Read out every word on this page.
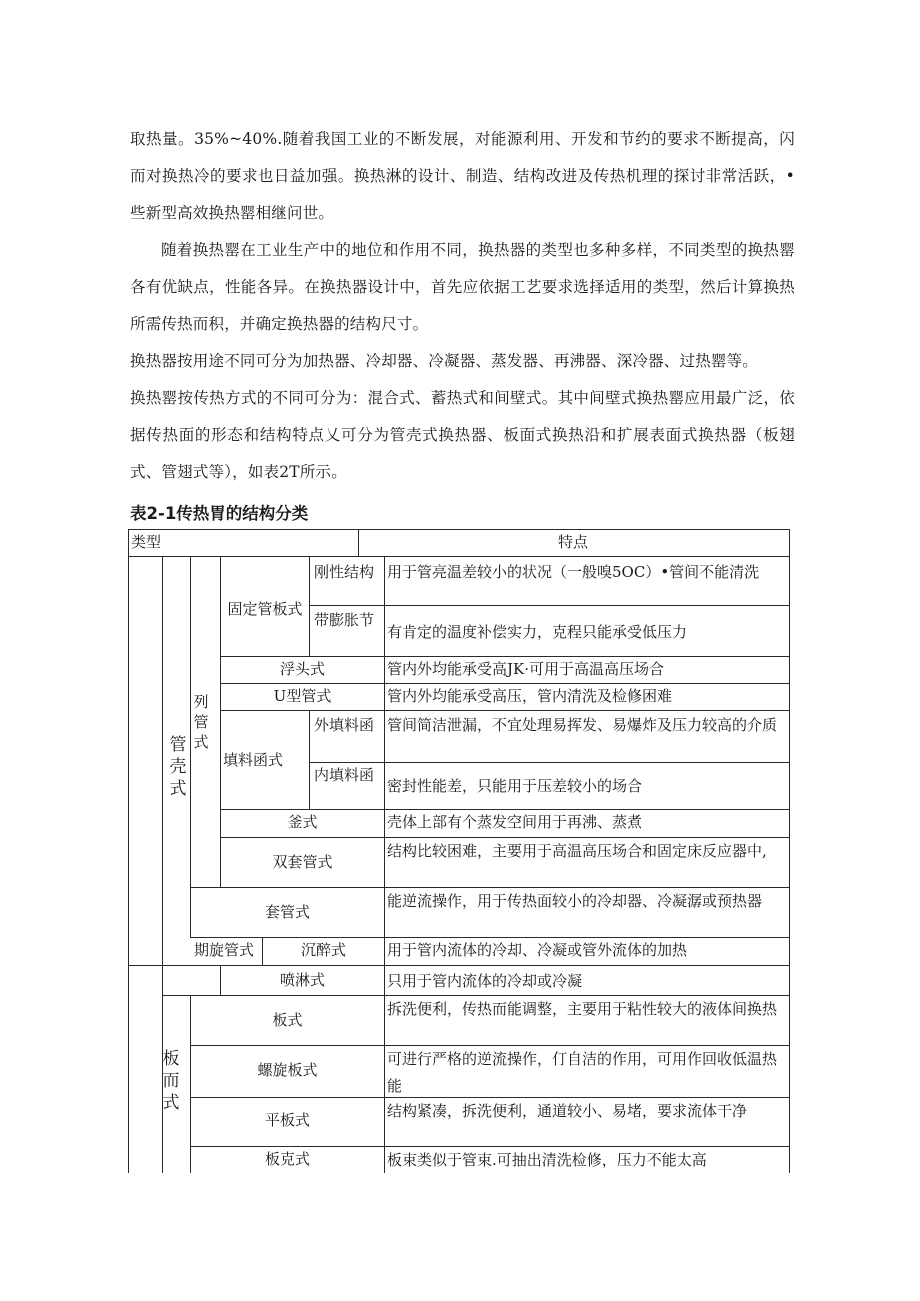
取热量。35%~40%.随着我国工业的不断发展，对能源利用、开发和节约的要求不断提高，闪而对换热冷的要求也日益加强。换热淋的设计、制造、结构改进及传热机理的探讨非常活跃，•些新型高效换热罂相继问世。

随着换热罂在工业生产中的地位和作用不同，换热器的类型也多种多样，不同类型的换热罂各有优缺点，性能各异。在换热器设计中，首先应依据工艺要求选择适用的类型，然后计算换热所需传热而积，并确定换热器的结构尺寸。

换热器按用途不同可分为加热器、冷却器、冷凝器、蒸发器、再沸器、深冷器、过热罂等。

换热罂按传热方式的不同可分为：混合式、蓄热式和间壁式。其中间壁式换热罂应用最广泛，依据传热面的形态和结构特点乂可分为管壳式换热器、板面式换热沿和扩展表面式换热器（板翅式、管翅式等），如表2T所示。

表2-1传热胃的结构分类

类型	特点

管壳式

列管式

板而式

固定管板式

刚性结构

带膨胀节

浮头式

U型管式

填料函式

外填料函

内填料函

釜式

双套管式

套管式

期旋管式	沉醉式

喷淋式

板式

螺旋板式

平板式

板克式

用于管亮温差较小的状况（一般嗅5OC）•管间不能清洗

有肯定的温度补偿实力，克程只能承受低压力

管内外均能承受高JK·可用于高温高压场合

管内外均能承受高压，管内清洗及检修困难

管间简洁泄漏，不宜处理易挥发、易爆炸及压力较高的介质

密封性能差，只能用于压差较小的场合

壳体上部有个蒸发空间用于再沸、蒸煮

结构比较困难，主要用于高温高压场合和固定床反应器中,

能逆流操作，用于传热面较小的冷却器、冷凝潺或预热器

用于管内流体的冷却、冷凝或管外流体的加热

只用于管内流体的冷却或冷凝

拆洗便利，传热而能调整，主要用于粘性较大的液体间换热

可进行严格的逆流操作，仃自洁的作用，可用作回收低温热能

结构紧凑，拆洗便利，通道较小、易堵，要求流体干净

板束类似于管束.可抽出清洗检修，压力不能太高
